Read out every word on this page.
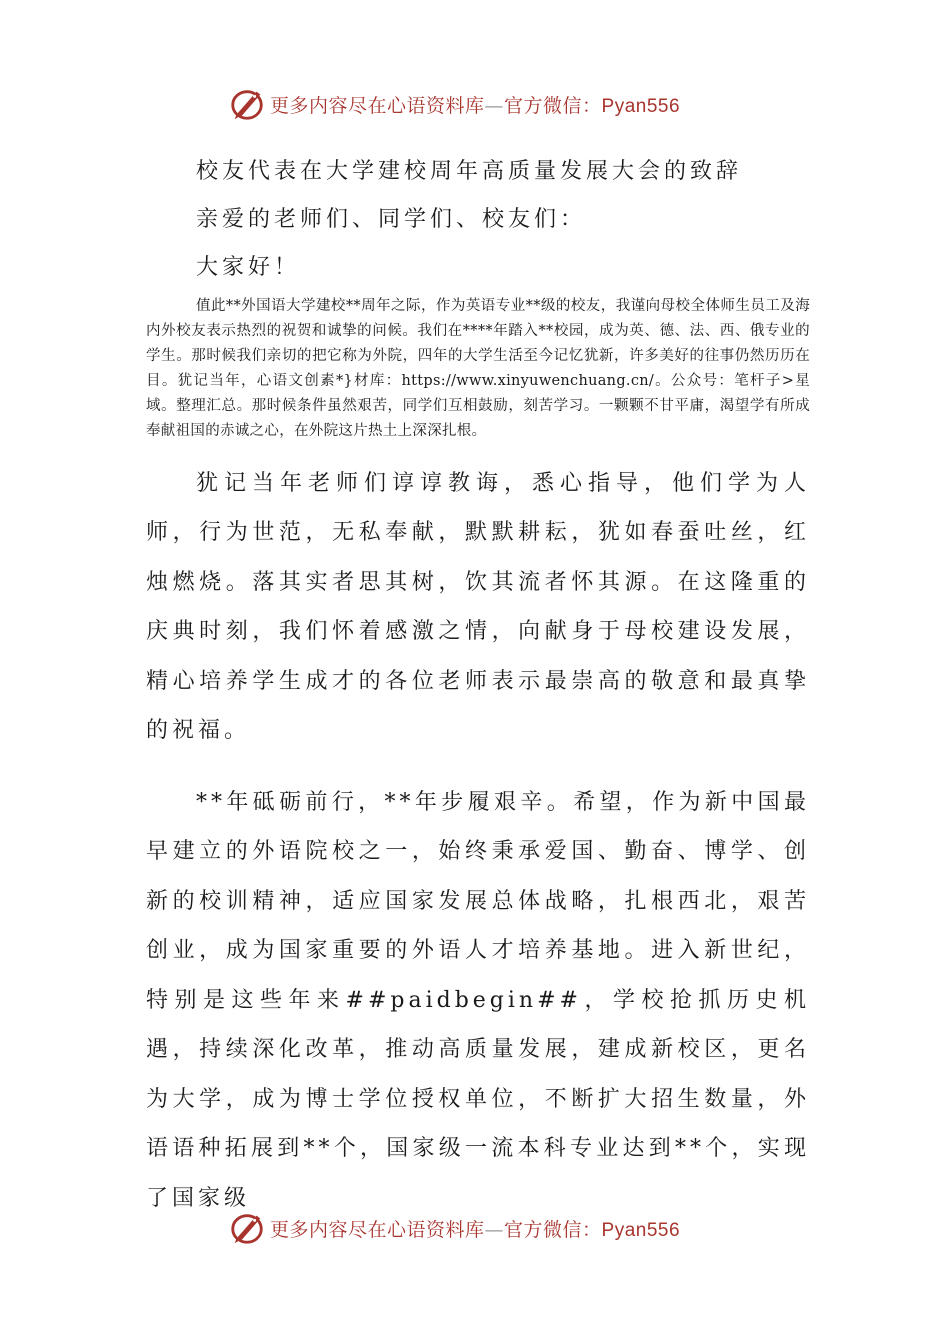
更多内容尽在心语资料库—官方微信：Pyan556
校友代表在大学建校周年高质量发展大会的致辞
亲爱的老师们、同学们、校友们：
大家好！

值此**外国语大学建校**周年之际，作为英语专业**级的校友，我谨向母校全体师生员工及海内外校友表示热烈的祝贺和诚挚的问候。我们在****年踏入**校园，成为英、德、法、西、俄专业的学生。那时候我们亲切的把它称为外院，四年的大学生活至今记忆犹新，许多美好的往事仍然历历在目。犹记当年，心语文创素*}材库：https://www.xinyuwenchuang.cn/。公众号：笔杆子>星域。整理汇总。那时候条件虽然艰苦，同学们互相鼓励，刻苦学习。一颗颗不甘平庸，渴望学有所成奉献祖国的赤诚之心，在外院这片热土上深深扎根。

犹记当年老师们谆谆教诲，悉心指导，他们学为人师，行为世范，无私奉献，默默耕耘，犹如春蚕吐丝，红烛燃烧。落其实者思其树，饮其流者怀其源。在这隆重的庆典时刻，我们怀着感激之情，向献身于母校建设发展，精心培养学生成才的各位老师表示最崇高的敬意和最真挚的祝福。

**年砥砺前行，**年步履艰辛。希望，作为新中国最早建立的外语院校之一，始终秉承爱国、勤奋、博学、创新的校训精神，适应国家发展总体战略，扎根西北，艰苦创业，成为国家重要的外语人才培养基地。进入新世纪，特别是这些年来##paidbegin##，学校抢抓历史机遇，持续深化改革，推动高质量发展，建成新校区，更名为大学，成为博士学位授权单位，不断扩大招生数量，外语语种拓展到**个，国家级一流本科专业达到**个，实现了国家级

更多内容尽在心语资料库—官方微信：Pyan556
